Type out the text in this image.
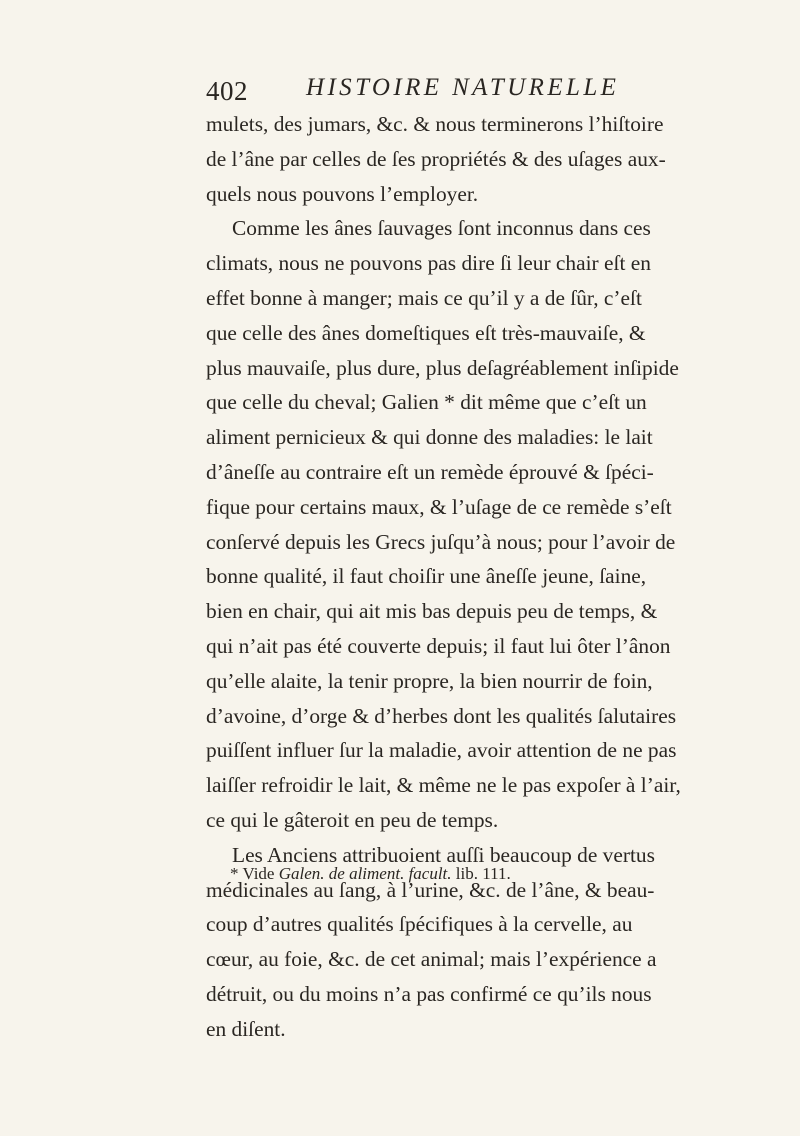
402 HISTOIRE NATURELLE
mulets, des jumars, &c. & nous terminerons l’hiſtoire
de l’âne par celles de ſes propriétés & des uſages aux-
quels nous pouvons l’employer.
Comme les ânes ſauvages ſont inconnus dans ces
climats, nous ne pouvons pas dire ſi leur chair eſt en
effet bonne à manger; mais ce qu’il y a de ſûr, c’eſt
que celle des ânes domeſtiques eſt très-mauvaiſe, &
plus mauvaiſe, plus dure, plus deſagréablement inſipide
que celle du cheval; Galien * dit même que c’eſt un
aliment pernicieux & qui donne des maladies: le lait
d’âneſſe au contraire eſt un remède éprouvé & ſpéci-
fique pour certains maux, & l’uſage de ce remède s’eſt
conſervé depuis les Grecs juſqu’à nous; pour l’avoir de
bonne qualité, il faut choiſir une âneſſe jeune, ſaine,
bien en chair, qui ait mis bas depuis peu de temps, &
qui n’ait pas été couverte depuis; il faut lui ôter l’ânon
qu’elle alaite, la tenir propre, la bien nourrir de foin,
d’avoine, d’orge & d’herbes dont les qualités ſalutaires
puiſſent influer ſur la maladie, avoir attention de ne pas
laiſſer refroidir le lait, & même ne le pas expoſer à l’air,
ce qui le gâteroit en peu de temps.
Les Anciens attribuoient auſſi beaucoup de vertus
médicinales au ſang, à l’urine, &c. de l’âne, & beau-
coup d’autres qualités ſpécifiques à la cervelle, au
cœur, au foie, &c. de cet animal; mais l’expérience a
détruit, ou du moins n’a pas confirmé ce qu’ils nous
en diſent.
* Vide Galen. de aliment. facult. lib. 111.
